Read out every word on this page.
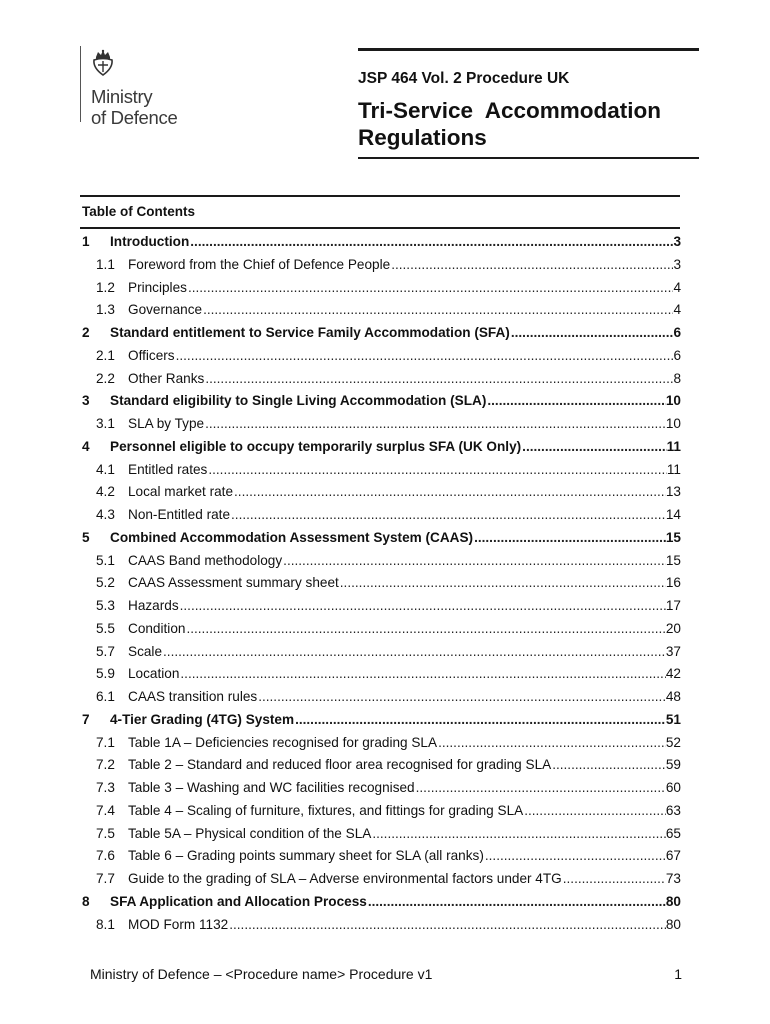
Ministry
of Defence
JSP 464 Vol. 2 Procedure UK
Tri-Service  Accommodation
Regulations
Table of Contents
1	Introduction .....	3
1.1 Foreword from the Chief of Defence People .....	3
1.2 Principles .....	4
1.3 Governance .....	4
2	Standard entitlement to Service Family Accommodation (SFA) .....	6
2.1 Officers .....	6
2.2 Other Ranks .....	8
3	Standard eligibility to Single Living Accommodation (SLA) .....	10
3.1 SLA by Type .....	10
4	Personnel eligible to occupy temporarily surplus SFA (UK Only) .....	11
4.1 Entitled rates .....	11
4.2 Local market rate .....	13
4.3 Non-Entitled rate .....	14
5	Combined Accommodation Assessment System (CAAS) .....	15
5.1 CAAS Band methodology .....	15
5.2 CAAS Assessment summary sheet .....	16
5.3 Hazards .....	17
5.5 Condition .....	20
5.7 Scale .....	37
5.9 Location .....	42
6.1 CAAS transition rules .....	48
7	4-Tier Grading (4TG) System .....	51
7.1 Table 1A – Deficiencies recognised for grading SLA .....	52
7.2 Table 2 – Standard and reduced floor area recognised for grading SLA .....	59
7.3 Table 3 – Washing and WC facilities recognised .....	60
7.4 Table 4 – Scaling of furniture, fixtures, and fittings for grading SLA .....	63
7.5 Table 5A – Physical condition of the SLA .....	65
7.6 Table 6 – Grading points summary sheet for SLA (all ranks) .....	67
7.7 Guide to the grading of SLA – Adverse environmental factors under 4TG .....	73
8	SFA Application and Allocation Process .....	80
8.1 MOD Form 1132 .....	80
Ministry of Defence – <Procedure name> Procedure v1	1
